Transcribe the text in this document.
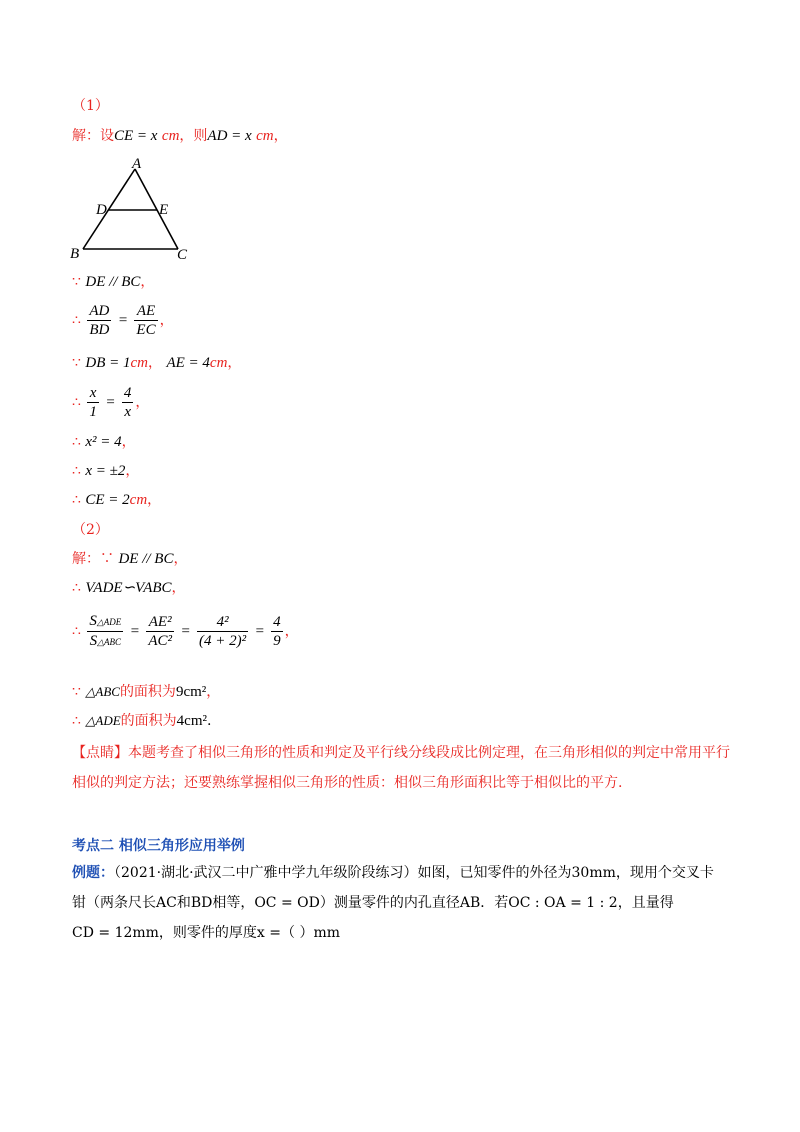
（1）
解：设CE = x cm，则AD = x cm，
A
D	E
B	C
∵ DE // BC，
∴ $\frac{AD}{BD} = \frac{AE}{EC}$ ，
∵ DB = 1cm， AE = 4cm，
∴ $\frac{x}{1} = \frac{4}{x}$ ，
∴ x² = 4，
∴ x = ±2，
∴ CE = 2cm，
（2）
解：∵ DE // BC，
∴ VADE∽VABC，
∴ $\frac{\text{S△ADE}}{\text{S△ABC}} = \frac{\text{AE²}}{\text{AC²}} = \frac{\text{4²}}{\text{(4 + 2)²}} = \frac{4}{9}$ ，
∵ △ABC的面积为9cm²，
∴ △ADE的面积为4cm².
【点睛】本题考查了相似三角形的性质和判定及平行线分线段成比例定理，在三角形相似的判定中常用平行相似的判定方法；还要熟练掌握相似三角形的性质：相似三角形面积比等于相似比的平方.
考点二 相似三角形应用举例
例题：（2021·湖北·武汉二中广雅中学九年级阶段练习）如图，已知零件的外径为30mm，现用个交叉卡
钳（两条尺长AC和BD相等，OC = OD）测量零件的内孔直径AB．若OC : OA = 1 : 2，且量得
CD = 12mm，则零件的厚度x =（ ）mm
